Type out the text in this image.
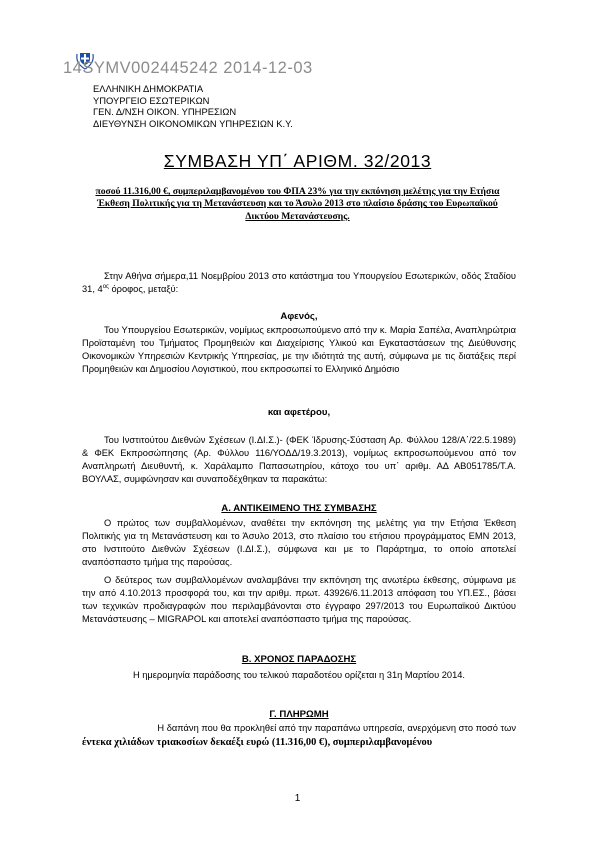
14SYMV002445242 2014-12-03
ΕΛΛΗΝΙΚΗ ΔΗΜΟΚΡΑΤΙΑ
ΥΠΟΥΡΓΕΙΟ ΕΣΩΤΕΡΙΚΩΝ
ΓΕΝ. Δ/ΝΣΗ ΟΙΚΟΝ. ΥΠΗΡΕΣΙΩΝ
ΔΙΕΥΘΥΝΣΗ ΟΙΚΟΝΟΜΙΚΩΝ ΥΠΗΡΕΣΙΩΝ Κ.Υ.
ΣΥΜΒΑΣΗ ΥΠ΄ ΑΡΙΘΜ. 32/2013
ποσού 11.316,00 €, συμπεριλαμβανομένου του ΦΠΑ 23% για την εκπόνηση μελέτης για την Ετήσια Έκθεση Πολιτικής για τη Μετανάστευση και το Άσυλο 2013 στο πλαίσιο δράσης του Ευρωπαϊκού Δικτύου Μετανάστευσης.
Στην Αθήνα σήμερα,11 Νοεμβρίου 2013 στο κατάστημα του Υπουργείου Εσωτερικών, οδός Σταδίου 31, $4^{o\varsigma}$ όροφος, μεταξύ:
Αφενός,
Του Υπουργείου Εσωτερικών, νομίμως εκπροσωπούμενο από την κ. Μαρία Σαπέλα, Αναπληρώτρια Προϊσταμένη του Τμήματος Προμηθειών και Διαχείρισης Υλικού και Εγκαταστάσεων της Διεύθυνσης Οικονομικών Υπηρεσιών Κεντρικής Υπηρεσίας, με την ιδιότητά της αυτή, σύμφωνα με τις διατάξεις περί Προμηθειών και Δημοσίου Λογιστικού, που εκπροσωπεί το Ελληνικό Δημόσιο
και αφετέρου,
Του Ινστιτούτου Διεθνών Σχέσεων (Ι.ΔΙ.Σ.)- (ΦΕΚ Ίδρυσης-Σύσταση Αρ. Φύλλου 128/Α΄/22.5.1989) & ΦΕΚ Εκπροσώπησης (Αρ. Φύλλου 116/ΥΟΔΔ/19.3.2013), νομίμως εκπροσωπούμενου από τον Αναπληρωτή Διευθυντή, κ. Χαράλαμπο Παπασωτηρίου, κάτοχο του υπ΄ αριθμ. ΑΔ ΑΒ051785/Τ.Α. ΒΟΥΛΑΣ, συμφώνησαν και συναποδέχθηκαν τα παρακάτω:
Α. ΑΝΤΙΚΕΙΜΕΝΟ ΤΗΣ ΣΥΜΒΑΣΗΣ
Ο πρώτος των συμβαλλομένων, αναθέτει την εκπόνηση της μελέτης για την Ετήσια Έκθεση Πολιτικής για τη Μετανάστευση και το Άσυλο 2013, στο πλαίσιο του ετήσιου προγράμματος ΕΜΝ 2013, στο Ινστιτούτο Διεθνών Σχέσεων (Ι.ΔΙ.Σ.), σύμφωνα και με το Παράρτημα, το οποίο αποτελεί αναπόσπαστο τμήμα της παρούσας.
Ο δεύτερος των συμβαλλομένων αναλαμβάνει την εκπόνηση της ανωτέρω έκθεσης, σύμφωνα με την από 4.10.2013 προσφορά του, και την αριθμ. πρωτ. 43926/6.11.2013 απόφαση του ΥΠ.ΕΣ., βάσει των τεχνικών προδιαγραφών που περιλαμβάνονται στο έγγραφο 297/2013 του Ευρωπαϊκού Δικτύου Μετανάστευσης – MIGRAPOL και αποτελεί αναπόσπαστο τμήμα της παρούσας.
Β. ΧΡΟΝΟΣ ΠΑΡΑΔΟΣΗΣ
Η ημερομηνία παράδοσης του τελικού παραδοτέου ορίζεται η 31η Μαρτίου 2014.
Γ. ΠΛΗΡΩΜΗ
Η δαπάνη που θα προκληθεί από την παραπάνω υπηρεσία, ανερχόμενη στο ποσό των
έντεκα χιλιάδων τριακοσίων δεκαέξι ευρώ (11.316,00 €), συμπεριλαμβανομένου
1
